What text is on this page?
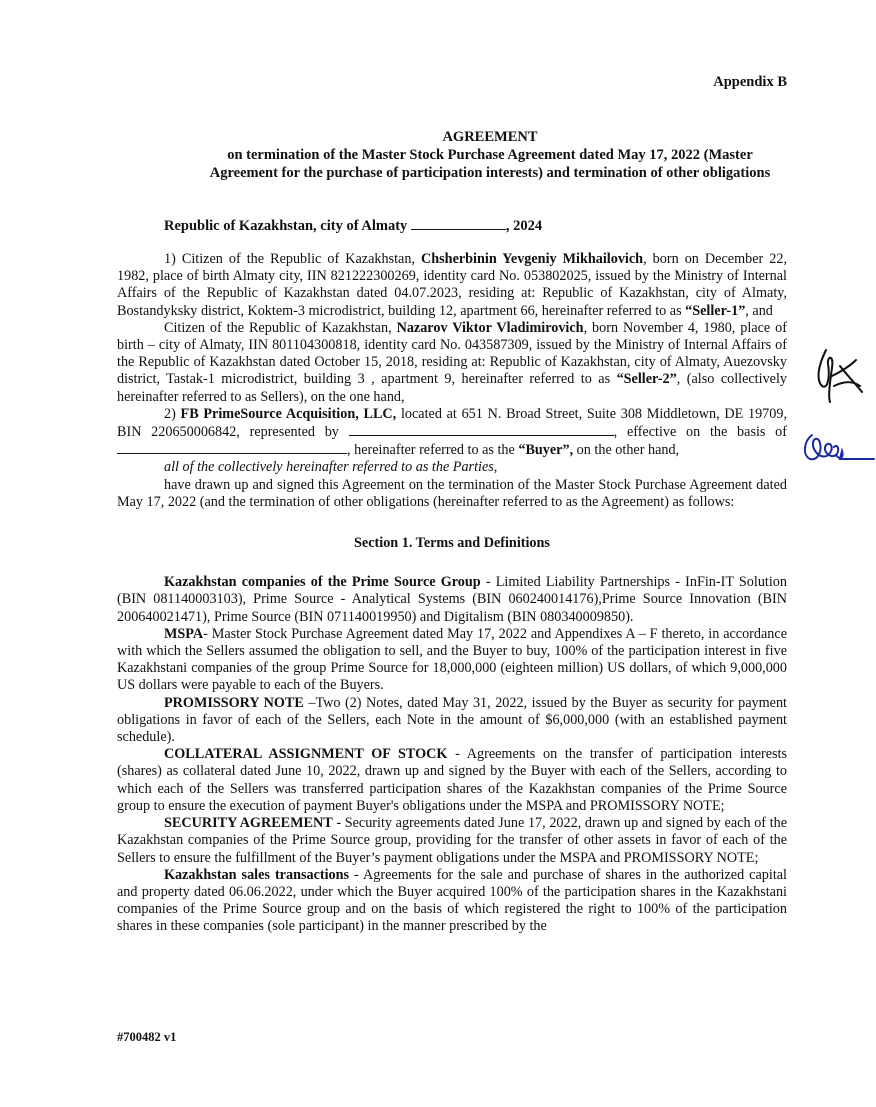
Appendix B
AGREEMENT
on termination of the Master Stock Purchase Agreement dated May 17, 2022 (Master
Agreement for the purchase of participation interests) and termination of other obligations
Republic of Kazakhstan, city of Almaty	, 2024

1) Citizen of the Republic of Kazakhstan, Chsherbinin Yevgeniy Mikhailovich, born on December 22, 1982, place of birth Almaty city, IIN 821222300269, identity card No. 053802025, issued by the Ministry of Internal Affairs of the Republic of Kazakhstan dated 04.07.2023, residing at: Republic of Kazakhstan, city of Almaty, Bostandyksky district, Koktem-3 microdistrict, building 12, apartment 66, hereinafter referred to as “Seller-1”, and

Citizen of the Republic of Kazakhstan, Nazarov Viktor Vladimirovich, born November 4, 1980, place of birth – city of Almaty, IIN 801104300818, identity card No. 043587309, issued by the Ministry of Internal Affairs of the Republic of Kazakhstan dated October 15, 2018, residing at: Republic of Kazakhstan, city of Almaty, Auezovsky district, Tastak-1 microdistrict, building 3 , apartment 9, hereinafter referred to as “Seller-2”, (also collectively hereinafter referred to as Sellers), on the one hand,

2) FB PrimeSource Acquisition, LLC, located at 651 N. Broad Street, Suite 308 Middletown, DE 19709, BIN 220650006842, represented by	, effective on the basis of , hereinafter referred to as the “Buyer”, on the other hand,

all of the collectively hereinafter referred to as the Parties,

have drawn up and signed this Agreement on the termination of the Master Stock Purchase Agreement dated May 17, 2022 (and the termination of other obligations (hereinafter referred to as the Agreement) as follows:

Section 1. Terms and Definitions

Kazakhstan companies of the Prime Source Group - Limited Liability Partnerships - InFin-IT Solution (BIN 081140003103), Prime Source - Analytical Systems (BIN 060240014176),Prime Source Innovation (BIN 200640021471), Prime Source (BIN 071140019950) and Digitalism (BIN 080340009850).

MSPA- Master Stock Purchase Agreement dated May 17, 2022 and Appendixes A – F thereto, in accordance with which the Sellers assumed the obligation to sell, and the Buyer to buy, 100% of the participation interest in five Kazakhstani companies of the group Prime Source for 18,000,000 (eighteen million) US dollars, of which 9,000,000 US dollars were payable to each of the Buyers.

PROMISSORY NOTE –Two (2) Notes, dated May 31, 2022, issued by the Buyer as security for payment obligations in favor of each of the Sellers, each Note in the amount of $6,000,000 (with an established payment schedule).

COLLATERAL ASSIGNMENT OF STOCK - Agreements on the transfer of participation interests (shares) as collateral dated June 10, 2022, drawn up and signed by the Buyer with each of the Sellers, according to which each of the Sellers was transferred participation shares of the Kazakhstan companies of the Prime Source group to ensure the execution of payment Buyer's obligations under the MSPA and PROMISSORY NOTE;

SECURITY AGREEMENT - Security agreements dated June 17, 2022, drawn up and signed by each of the Kazakhstan companies of the Prime Source group, providing for the transfer of other assets in favor of each of the Sellers to ensure the fulfillment of the Buyer’s payment obligations under the MSPA and PROMISSORY NOTE;

Kazakhstan sales transactions - Agreements for the sale and purchase of shares in the authorized capital and property dated 06.06.2022, under which the Buyer acquired 100% of the participation shares in the Kazakhstani companies of the Prime Source group and on the basis of which registered the right to 100% of the participation shares in these companies (sole participant) in the manner prescribed by the

#700482 v1
